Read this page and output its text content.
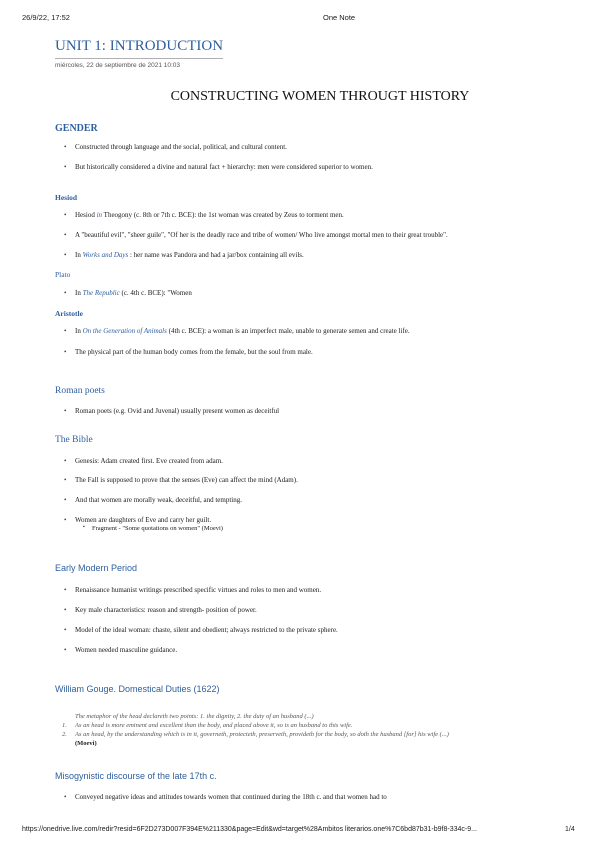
26/9/22, 17:52	One Note
UNIT 1: INTRODUCTION
miércoles, 22 de septiembre de 2021 10:03
CONSTRUCTING WOMEN THROUGT HISTORY
GENDER
• Constructed through language and the social, political, and cultural content.
• But historically considered a divine and natural fact + hierarchy: men were considered superior to women.
Hesiod
• Hesiod in Theogony (c. 8th or 7th c. BCE): the 1st woman was created by Zeus to torment men.
• A "beautiful evil", "sheer guile", "Of her is the deadly race and tribe of women/ Who live amongst mortal men to their great trouble".
• In Works and Days : her name was Pandora and had a jar/box containing all evils.
Plato
• In The Republic (c. 4th c. BCE): "Women
Aristotle
• In On the Generation of Animals (4th c. BCE): a woman is an imperfect male, unable to generate semen and create life.
• The physical part of the human body comes from the female, but the soul from male.
Roman poets
• Roman poets (e.g. Ovid and Juvenal) usually present women as deceitful
The Bible
• Genesis: Adam created first. Eve created from adam.
• The Fall is supposed to prove that the senses (Eve) can affect the mind (Adam).
• And that women are morally weak, deceitful, and tempting.
• Women are daughters of Eve and carry her guilt.
▪ Fragment - "Some quotations on women" (Moevi)
Early Modern Period
• Renaissance humanist writings prescribed specific virtues and roles to men and women.
• Key male characteristics: reason and strength- position of power.
• Model of the ideal woman: chaste, silent and obedient; always restricted to the private sphere.
• Women needed masculine guidance.
William Gouge. Domestical Duties (1622)
The metaphor of the head declareth two points: 1. the dignity, 2. the duty of an husband (...)
1. As an head is more eminent and excellent than the body, and placed above it, so is an husband to this wife.
2. As an head, by the understanding which is in it, governeth, protecteth, preserveth, provideth for the body, so doth the husband [for] his wife (...)
(Moevi)
Misogynistic discourse of the late 17th c.
• Conveyed negative ideas and attitudes towards women that continued during the 18th c. and that women had to
https://onedrive.live.com/redir?resid=6F2D273D007F394E%211330&page=Edit&wd=target%28Ambitos literarios.one%7C6bd87b31-b9f8-334c-9...	1/4
